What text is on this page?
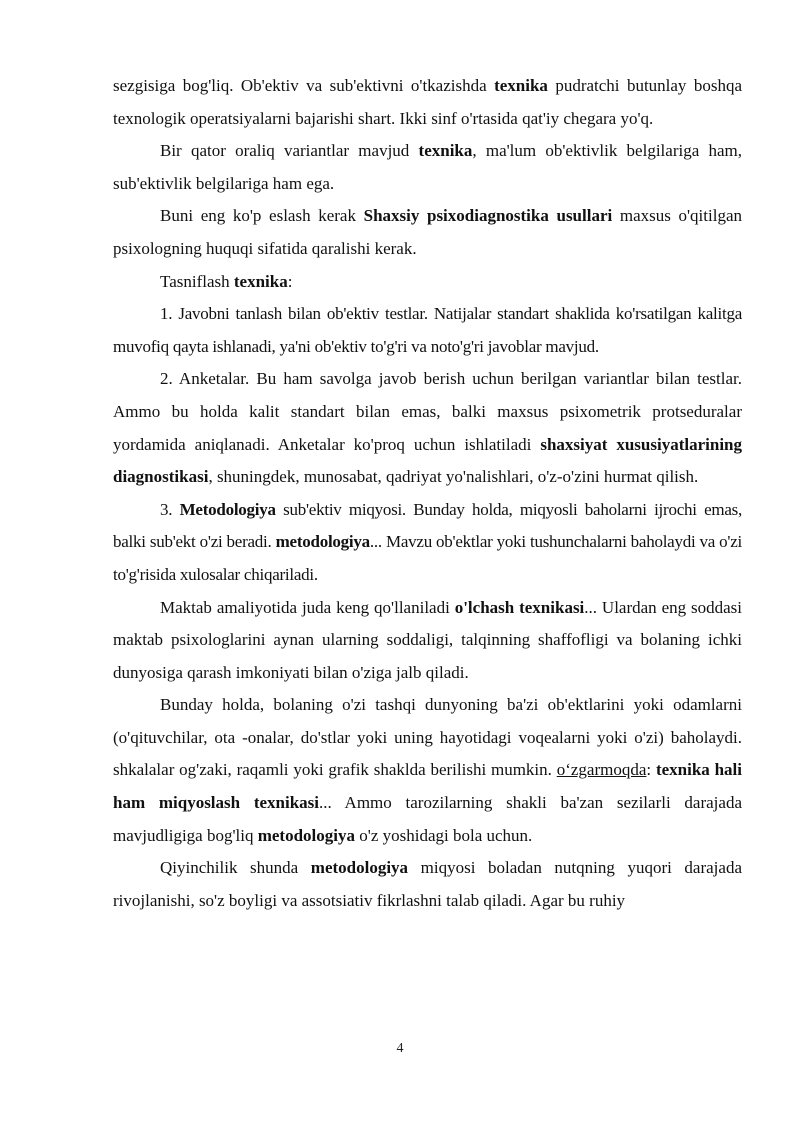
sezgisiga bog'liq. Ob'ektiv va sub'ektivni o'tkazishda texnika pudratchi butunlay boshqa texnologik operatsiyalarni bajarishi shart. Ikki sinf o'rtasida qat'iy chegara yo'q.

Bir qator oraliq variantlar mavjud texnika, ma'lum ob'ektivlik belgilariga ham, sub'ektivlik belgilariga ham ega.

Buni eng ko'p eslash kerak Shaxsiy psixodiagnostika usullari maxsus o'qitilgan psixologning huquqi sifatida qaralishi kerak.

Tasniflash texnika:

1. Javobni tanlash bilan ob'ektiv testlar. Natijalar standart shaklida ko'rsatilgan kalitga muvofiq qayta ishlanadi, ya'ni ob'ektiv to'g'ri va noto'g'ri javoblar mavjud.

2. Anketalar. Bu ham savolga javob berish uchun berilgan variantlar bilan testlar. Ammo bu holda kalit standart bilan emas, balki maxsus psixometrik protseduralar yordamida aniqlanadi. Anketalar ko'proq uchun ishlatiladi shaxsiyat xususiyatlarining diagnostikasi, shuningdek, munosabat, qadriyat yo'nalishlari, o'z-o'zini hurmat qilish.

3. Metodologiya sub'ektiv miqyosi. Bunday holda, miqyosli baholarni ijrochi emas, balki sub'ekt o'zi beradi. metodologiya... Mavzu ob'ektlar yoki tushunchalarni baholaydi va o'zi to'g'risida xulosalar chiqariladi.

Maktab amaliyotida juda keng qo'llaniladi o'lchash texnikasi... Ulardan eng soddasi maktab psixologlarini aynan ularning soddaligi, talqinning shaffofligi va bolaning ichki dunyosiga qarash imkoniyati bilan o'ziga jalb qiladi.

Bunday holda, bolaning o'zi tashqi dunyoning ba'zi ob'ektlarini yoki odamlarni (o'qituvchilar, ota -onalar, do'stlar yoki uning hayotidagi voqealarni yoki o'zi) baholaydi. shkalalar og'zaki, raqamli yoki grafik shaklda berilishi mumkin. o‘zgarmoqda: texnika hali ham miqyoslash texnikasi... Ammo tarozilarning shakli ba'zan sezilarli darajada mavjudligiga bog'liq metodologiya o'z yoshidagi bola uchun.

Qiyinchilik shunda metodologiya miqyosi boladan nutqning yuqori darajada rivojlanishi, so'z boyligi va assotsiativ fikrlashni talab qiladi. Agar bu ruhiy

4
